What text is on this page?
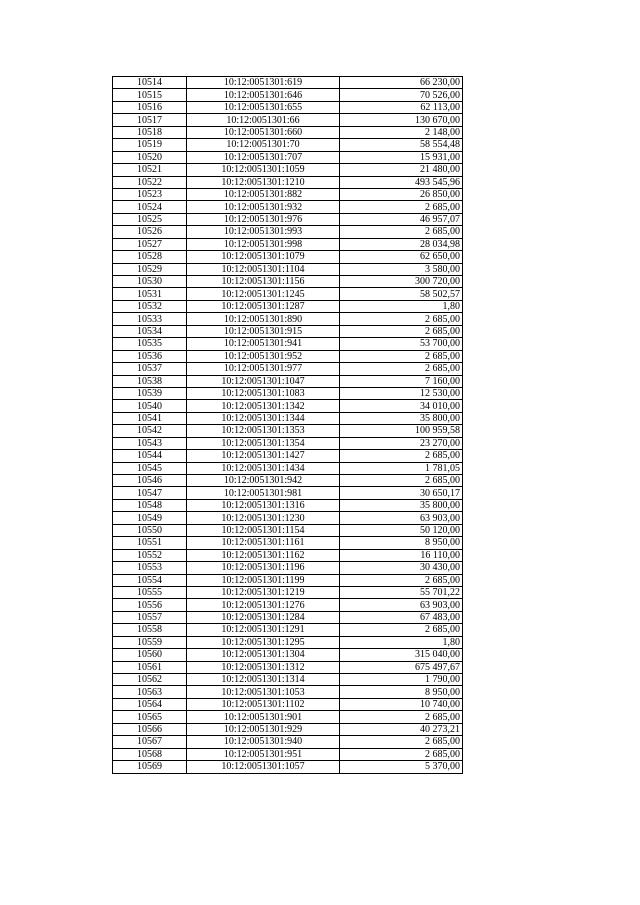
10514	10:12:0051301:619	66 230,00
10515	10:12:0051301:646	70 526,00
10516	10:12:0051301:655	62 113,00
10517	10:12:0051301:66	130 670,00
10518	10:12:0051301:660	2 148,00
10519	10:12:0051301:70	58 554,48
10520	10:12:0051301:707	15 931,00
10521	10:12:0051301:1059	21 480,00
10522	10:12:0051301:1210	493 545,96
10523	10:12:0051301:882	26 850,00
10524	10:12:0051301:932	2 685,00
10525	10:12:0051301:976	46 957,07
10526	10:12:0051301:993	2 685,00
10527	10:12:0051301:998	28 034,98
10528	10:12:0051301:1079	62 650,00
10529	10:12:0051301:1104	3 580,00
10530	10:12:0051301:1156	300 720,00
10531	10:12:0051301:1245	58 502,57
10532	10:12:0051301:1287	1,80
10533	10:12:0051301:890	2 685,00
10534	10:12:0051301:915	2 685,00
10535	10:12:0051301:941	53 700,00
10536	10:12:0051301:952	2 685,00
10537	10:12:0051301:977	2 685,00
10538	10:12:0051301:1047	7 160,00
10539	10:12:0051301:1083	12 530,00
10540	10:12:0051301:1342	34 010,00
10541	10:12:0051301:1344	35 800,00
10542	10:12:0051301:1353	100 959,58
10543	10:12:0051301:1354	23 270,00
10544	10:12:0051301:1427	2 685,00
10545	10:12:0051301:1434	1 781,05
10546	10:12:0051301:942	2 685,00
10547	10:12:0051301:981	30 650,17
10548	10:12:0051301:1316	35 800,00
10549	10:12:0051301:1230	63 903,00
10550	10:12:0051301:1154	50 120,00
10551	10:12:0051301:1161	8 950,00
10552	10:12:0051301:1162	16 110,00
10553	10:12:0051301:1196	30 430,00
10554	10:12:0051301:1199	2 685,00
10555	10:12:0051301:1219	55 701,22
10556	10:12:0051301:1276	63 903,00
10557	10:12:0051301:1284	67 483,00
10558	10:12:0051301:1291	2 685,00
10559	10:12:0051301:1295	1,80
10560	10:12:0051301:1304	315 040,00
10561	10:12:0051301:1312	675 497,67
10562	10:12:0051301:1314	1 790,00
10563	10:12:0051301:1053	8 950,00
10564	10:12:0051301:1102	10 740,00
10565	10:12:0051301:901	2 685,00
10566	10:12:0051301:929	40 273,21
10567	10:12:0051301:940	2 685,00
10568	10:12:0051301:951	2 685,00
10569	10:12:0051301:1057	5 370,00
